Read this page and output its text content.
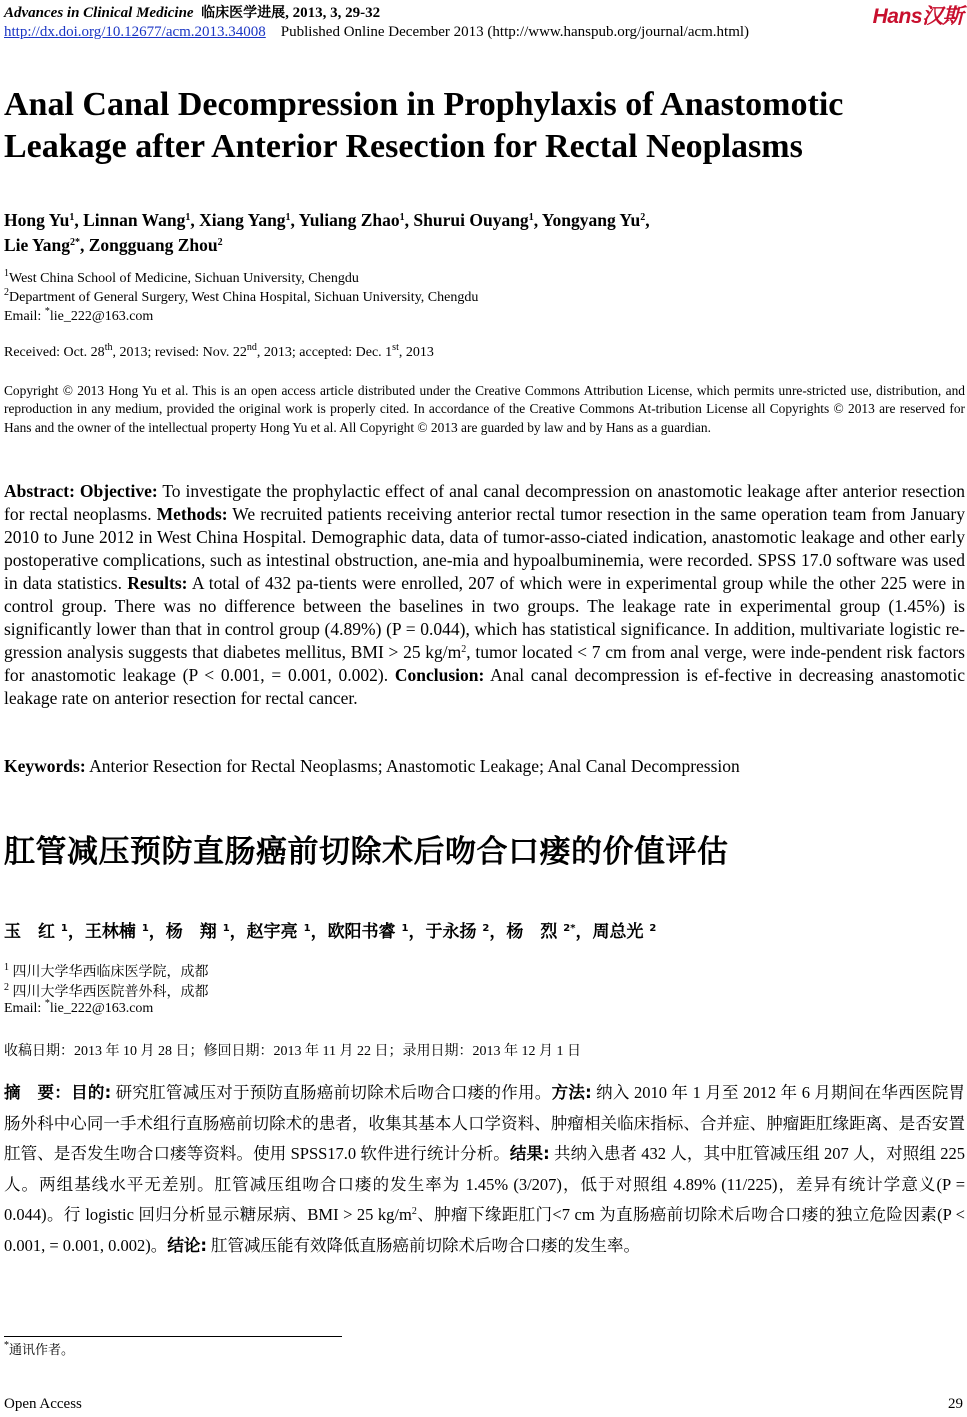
Advances in Clinical Medicine 临床医学进展, 2013, 3, 29-32
http://dx.doi.org/10.12677/acm.2013.34008 Published Online December 2013 (http://www.hanspub.org/journal/acm.html)
Hans汉斯
Anal Canal Decompression in Prophylaxis of Anastomotic Leakage after Anterior Resection for Rectal Neoplasms
Hong Yu$^1$, Linnan Wang$^1$, Xiang Yang$^1$, Yuliang Zhao$^1$, Shurui Ouyang$^1$, Yongyang Yu$^2$,
Lie Yang$^{2*}$, Zongguang Zhou$^2$
$^1$West China School of Medicine, Sichuan University, Chengdu
$^2$Department of General Surgery, West China Hospital, Sichuan University, Chengdu
Email: *lie_222@163.com
Received: Oct. 28th, 2013; revised: Nov. 22nd, 2013; accepted: Dec. 1st, 2013
Copyright © 2013 Hong Yu et al. This is an open access article distributed under the Creative Commons Attribution License, which permits unre-stricted use, distribution, and reproduction in any medium, provided the original work is properly cited. In accordance of the Creative Commons At-tribution License all Copyrights © 2013 are reserved for Hans and the owner of the intellectual property Hong Yu et al. All Copyright © 2013 are guarded by law and by Hans as a guardian.
Abstract: Objective: To investigate the prophylactic effect of anal canal decompression on anastomotic leakage after anterior resection for rectal neoplasms. Methods: We recruited patients receiving anterior rectal tumor resection in the same operation team from January 2010 to June 2012 in West China Hospital. Demographic data, data of tumor-asso-ciated indication, anastomotic leakage and other early postoperative complications, such as intestinal obstruction, ane-mia and hypoalbuminemia, were recorded. SPSS 17.0 software was used in data statistics. Results: A total of 432 pa-tients were enrolled, 207 of which were in experimental group while the other 225 were in control group. There was no difference between the baselines in two groups. The leakage rate in experimental group (1.45%) is significantly lower than that in control group (4.89%) (P = 0.044), which has statistical significance. In addition, multivariate logistic re-gression analysis suggests that diabetes mellitus, BMI > 25 $kg/m^2$, tumor located < 7 cm from anal verge, were inde-pendent risk factors for anastomotic leakage (P < 0.001, = 0.001, 0.002). Conclusion: Anal canal decompression is ef-fective in decreasing anastomotic leakage rate on anterior resection for rectal cancer.
Keywords: Anterior Resection for Rectal Neoplasms; Anastomotic Leakage; Anal Canal Decompression
肛管减压预防直肠癌前切除术后吻合口瘘的价值评估
玉　红 $^1$，王林楠 $^1$，杨　翔 $^1$，赵宇亮 $^1$，欧阳书睿 $^1$，于永扬 $^2$，杨　烈 $^{2*}$，周总光 $^2$
$^1$ 四川大学华西临床医学院，成都
$^2$ 四川大学华西医院普外科，成都
Email: *lie_222@163.com
收稿日期：2013 年 10 月 28 日；修回日期：2013 年 11 月 22 日；录用日期：2013 年 12 月 1 日
摘　要：目的: 研究肛管减压对于预防直肠癌前切除术后吻合口瘘的作用。方法: 纳入 2010 年 1 月至 2012 年 6 月期间在华西医院胃肠外科中心同一手术组行直肠癌前切除术的患者，收集其基本人口学资料、肿瘤相关临床指标、合并症、肿瘤距肛缘距离、是否安置肛管、是否发生吻合口瘘等资料。使用 SPSS17.0 软件进行统计分析。结果: 共纳入患者 432 人，其中肛管减压组 207 人，对照组 225 人。两组基线水平无差别。肛管减压组吻合口瘘的发生率为 1.45% (3/207)，低于对照组 4.89% (11/225)，差异有统计学意义(P = 0.044)。行 logistic 回归分析显示糖尿病、BMI > 25 $kg/m^2$、肿瘤下缘距肛门<7 cm 为直肠癌前切除术后吻合口瘘的独立危险因素(P < 0.001, = 0.001, 0.002)。结论: 肛管减压能有效降低直肠癌前切除术后吻合口瘘的发生率。
*通讯作者。
Open Access	29
